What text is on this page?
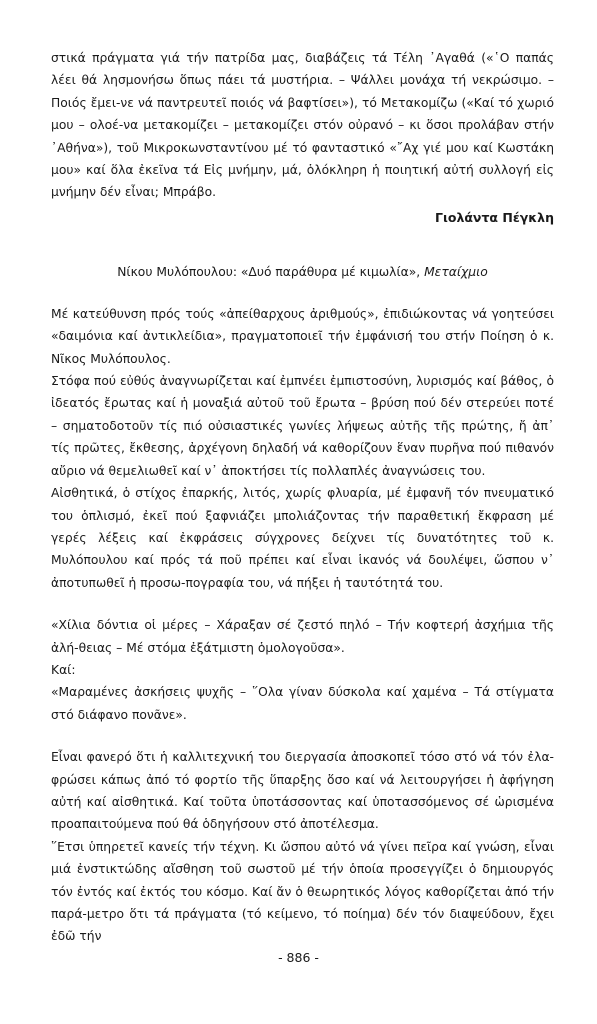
στικά πράγματα γιά τήν πατρίδα μας, διαβάζεις τά Τέλη ᾿Αγαθά («῾Ο παπάς λέει θά λησμονήσω ὅπως πάει τά μυστήρια. – Ψάλλει μονάχα τή νεκρώσιμο. – Ποιός ἔμει-νε νά παντρευτεῖ ποιός νά βαφτίσει»), τό Μετακομίζω («Καί τό χωριό μου – ολοέ-να μετακομίζει – μετακομίζει στόν οὐρανό – κι ὅσοι προλάβαν στήν ᾿Αθήνα»), τοῦ Μικροκωνσταντίνου μέ τό φανταστικό «῎Αχ γιέ μου καί Κωστάκη μου» καί ὅλα ἐκεῖνα τά Εἰς μνήμην, μά, ὁλόκληρη ἡ ποιητική αὐτή συλλογή εἰς μνήμην δέν εἶναι; Μπράβο.

Γιολάντα Πέγκλη
Νίκου Μυλόπουλου: «Δυό παράθυρα μέ κιμωλία», Μεταίχμιο

Μέ κατεύθυνση πρός τούς «ἀπείθαρχους ἀριθμούς», ἐπιδιώκοντας νά γοητεύσει «δαιμόνια καί ἀντικλείδια», πραγματοποιεῖ τήν ἐμφάνισή του στήν Ποίηση ὁ κ. Νῖκος Μυλόπουλος.

Στόφα πού εὐθύς ἀναγνωρίζεται καί ἐμπνέει ἐμπιστοσύνη, λυρισμός καί βάθος, ὁ ἰδεατός ἔρωτας καί ἡ μοναξιά αὐτοῦ τοῦ ἔρωτα – βρύση πού δέν στερεύει ποτέ – σηματοδοτοῦν τίς πιό οὐσιαστικές γωνίες λήψεως αὐτῆς τῆς πρώτης, ἤ ἀπ᾿ τίς πρῶτες, ἔκθεσης, ἀρχέγονη δηλαδή νά καθορίζουν ἕναν πυρῆνα πού πιθανόν αὔριο νά θεμελιωθεῖ καί ν᾿ ἀποκτήσει τίς πολλαπλές ἀναγνώσεις του.

Αἰσθητικά, ὁ στίχος ἐπαρκής, λιτός, χωρίς φλυαρία, μέ ἐμφανῆ τόν πνευματικό του ὁπλισμό, ἐκεῖ πού ξαφνιάζει μπολιάζοντας τήν παραθετική ἔκφραση μέ γερές λέξεις καί ἐκφράσεις σύγχρονες δείχνει τίς δυνατότητες τοῦ κ. Μυλόπουλου καί πρός τά ποῦ πρέπει καί εἶναι ἱκανός νά δουλέψει, ὥσπου ν᾿ ἀποτυπωθεῖ ἡ προσω-πογραφία του, νά πήξει ἡ ταυτότητά του.

«Χίλια δόντια οἱ μέρες – Χάραξαν σέ ζεστό πηλό – Τήν κοφτερή ἀσχήμια τῆς ἀλή-θειας – Μέ στόμα ἐξάτμιστη ὁμολογοῦσα».

Καί:

«Μαραμένες ἀσκήσεις ψυχῆς – ῞Ολα γίναν δύσκολα καί χαμένα – Τά στίγματα στό διάφανο πονᾶνε».

Εἶναι φανερό ὅτι ἡ καλλιτεχνική του διεργασία ἀποσκοπεῖ τόσο στό νά τόν ἐλα-φρώσει κάπως ἀπό τό φορτίο τῆς ὕπαρξης ὅσο καί νά λειτουργήσει ἡ ἀφήγηση αὐτή καί αἰσθητικά. Καί τοῦτα ὑποτάσσοντας καί ὑποτασσόμενος σέ ὡρισμένα προαπαιτούμενα πού θά ὁδηγήσουν στό ἀποτέλεσμα.

῞Ετσι ὑπηρετεῖ κανείς τήν τέχνη. Κι ὥσπου αὐτό νά γίνει πεῖρα καί γνώση, εἶναι μιά ἐνστικτώδης αἴσθηση τοῦ σωστοῦ μέ τήν ὁποία προσεγγίζει ὁ δημιουργός τόν ἐντός καί ἐκτός του κόσμο. Καί ἄν ὁ θεωρητικός λόγος καθορίζεται ἀπό τήν παρά-μετρο ὅτι τά πράγματα (τό κείμενο, τό ποίημα) δέν τόν διαψεύδουν, ἔχει ἐδῶ τήν

- 886 -
